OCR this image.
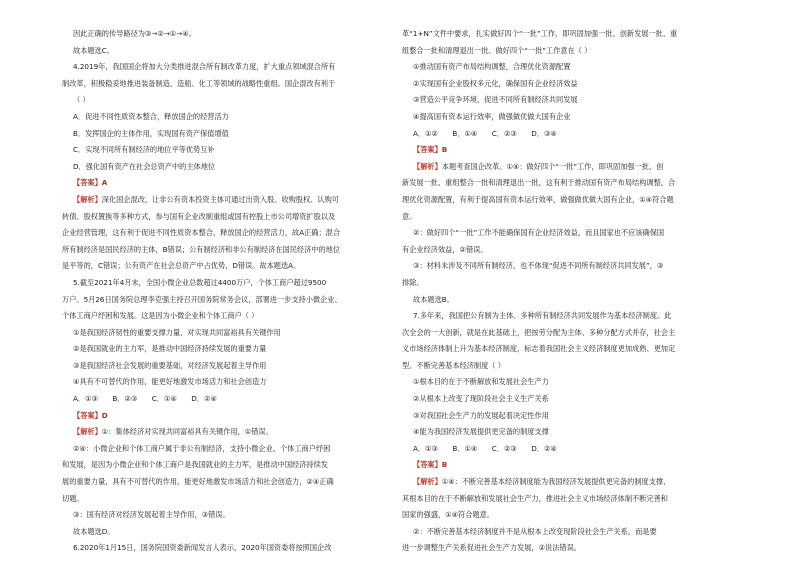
因此正确的传导路径为③→②→①→④。
故本题选C。
4.2019年，我国国企将加大分类推进混合所有制改革力度，扩大重点领域混合所有
制改革，积极稳妥地推进装备制造、造船、化工等领域的战略性重组。国企混改有利于
（ ）
A．促进不同性质资本整合，释放国企的经营活力
B．发挥国企的主体作用，实现国有资产保值增值
C．实现不同所有制经济的地位平等优势互补
D．强化国有资产在社会总资产中的主体地位
【答案】A
【解析】深化国企混改，让非公有资本投资主体可通过出资入股、收购股权、认购可
转债、股权置换等多种方式，参与国有企业改制重组或国有控股上市公司增资扩股以及
企业经营管理，这有利于促进不同性质资本整合，释放国企的经营活力，故A正确；混合
所有制经济是国民经济的主体，B错误；公有制经济和非公有制经济在国民经济中的地位
是平等的，C错误；公有资产在社会总资产中占优势，D错误。故本题选A。
5.截至2021年4月末，全国小微企业总数超过4400万户，个体工商户超过9500
万户。5月26日国务院总理李克强主持召开国务院常务会议，部署进一步支持小微企业、
个体工商户纾困和发展。这是因为小微企业和个体工商户（ ）
①是我国经济韧性的重要支撑力量，对实现共同富裕具有关键作用
②是我国就业的主力军，是推动中国经济持续发展的重要力量
③是我国经济社会发展的重要基础，对经济发展起着主导作用
④具有不可替代的作用，能更好地激发市场活力和社会创造力
A．①③　　B．②③　　C．①④　　D．②④
【答案】D
【解析】①：集体经济对实现共同富裕具有关键作用，①错误。
②④：小微企业和个体工商户属于非公有制经济，支持小微企业、个体工商户纾困
和发展，是因为小微企业和个体工商户是我国就业的主力军，是推动中国经济持续发
展的重要力量，具有不可替代的作用，能更好地激发市场活力和社会创造力，②④正确
切题。
③：国有经济对经济发展起着主导作用，③错误。
故本题选D。
6.2020年1月15日，国务院国资委新闻发言人表示，2020年国资委将按照国企改
革“1+N”文件中要求，扎实做好四个“一批”工作，即巩固加强一批、创新发展一批、重
组整合一批和清理退出一批。做好四个“一批”工作意在（ ）
①推动国有资产布局结构调整，合理优化资源配置
②实现国有企业股权多元化，确保国有企业经济效益
③营造公平竞争环境，促进不同所有制经济共同发展
④提高国有资本运行效率，做强做优做大国有企业
A．①②　　B．①④　　C．②③　　D．③④
【答案】B
【解析】本题考查国企改革。①④：做好四个“一批”工作，即巩固加强一批、创
新发展一批、重组整合一批和清理退出一批，这有利于推动国有资产布局结构调整，合
理优化资源配置，有利于提高国有资本运行效率，做强做优做大国有企业，①④符合题
意。
②：做好四个“一批”工作不能确保国有企业经济效益，而且国家也不应该确保国
有企业经济效益，②错误。
③：材料未涉及不同所有制经济，也不体现“促进不同所有制经济共同发展”，③
排除。
故本题选B。
7.多年来，我国把公有制为主体、多种所有制经济共同发展作为基本经济制度。此
次全会的一大创新，就是在此基础上，把按劳分配为主体、多种分配方式并存，社会主
义市场经济体制上升为基本经济制度，标志着我国社会主义经济制度更加成熟、更加定
型。不断完善基本经济制度（ ）
①根本目的在于不断解放和发展社会生产力
②从根本上改变了现阶段社会主义生产关系
③对我国社会生产力的发展起着决定性作用
④能为我国经济发展提供更完备的制度支撑
A．①③　　B．①④　　C．②③　　D．②④
【答案】B
【解析】①④：不断完善基本经济制度能为我国经济发展提供更完备的制度支撑，
其根本目的在于不断解放和发展社会生产力，推进社会主义市场经济体制不断完善和
国家的强盛，①④符合题意。
②：不断完善基本经济制度并不是从根本上改变现阶段社会生产关系，而是要
进一步调整生产关系促进社会生产力发展，②说法错误。
